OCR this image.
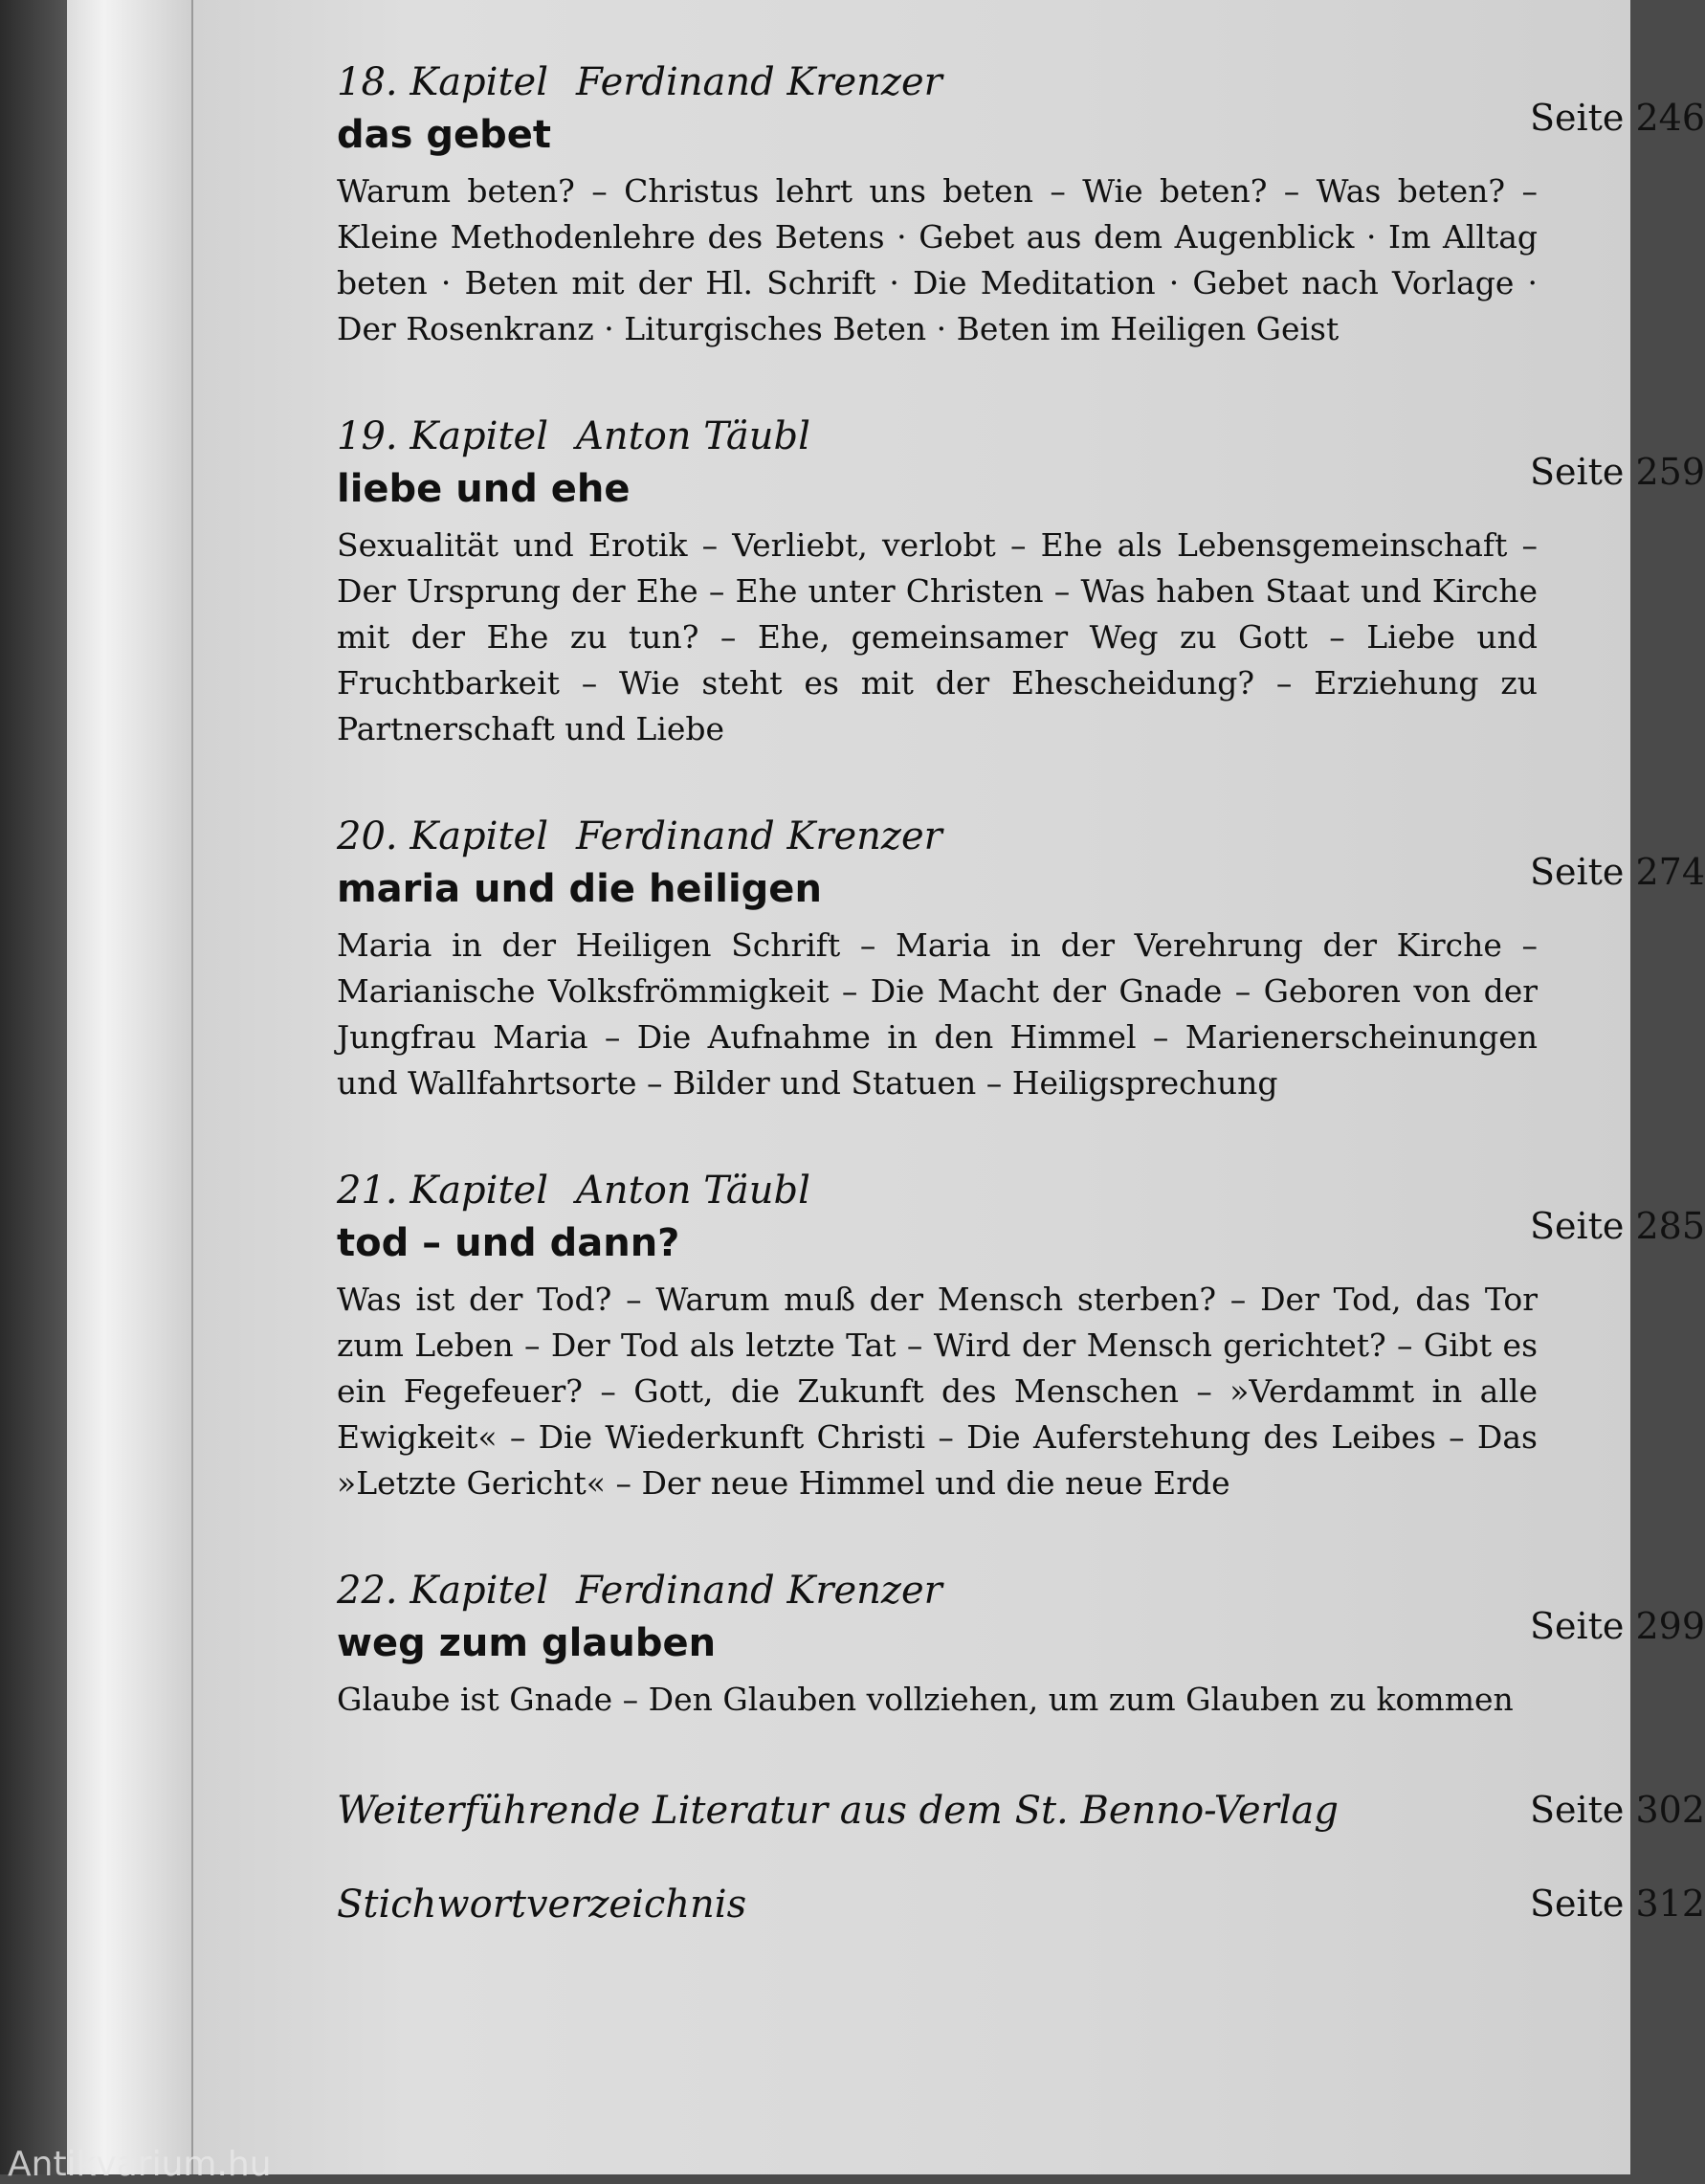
18. Kapitel Ferdinand Krenzer
das gebet	Seite 246
Warum beten? – Christus lehrt uns beten – Wie beten? – Was beten? – Kleine Methodenlehre des Betens · Gebet aus dem Augenblick · Im Alltag beten · Beten mit der Hl. Schrift · Die Meditation · Gebet nach Vorlage · Der Rosenkranz · Liturgisches Beten · Beten im Heiligen Geist
19. Kapitel Anton Täubl
liebe und ehe	Seite 259
Sexualität und Erotik – Verliebt, verlobt – Ehe als Lebensgemeinschaft – Der Ursprung der Ehe – Ehe unter Christen – Was haben Staat und Kirche mit der Ehe zu tun? – Ehe, gemeinsamer Weg zu Gott – Liebe und Fruchtbarkeit – Wie steht es mit der Ehescheidung? – Erziehung zu Partnerschaft und Liebe
20. Kapitel Ferdinand Krenzer
maria und die heiligen	Seite 274
Maria in der Heiligen Schrift – Maria in der Verehrung der Kirche – Marianische Volksfrömmigkeit – Die Macht der Gnade – Geboren von der Jungfrau Maria – Die Aufnahme in den Himmel – Marienerscheinungen und Wallfahrtsorte – Bilder und Statuen – Heiligsprechung
21. Kapitel Anton Täubl
tod – und dann?	Seite 285
Was ist der Tod? – Warum muß der Mensch sterben? – Der Tod, das Tor zum Leben – Der Tod als letzte Tat – Wird der Mensch gerichtet? – Gibt es ein Fegefeuer? – Gott, die Zukunft des Menschen – »Verdammt in alle Ewigkeit« – Die Wiederkunft Christi – Die Auferstehung des Leibes – Das »Letzte Gericht« – Der neue Himmel und die neue Erde
22. Kapitel Ferdinand Krenzer
weg zum glauben	Seite 299
Glaube ist Gnade – Den Glauben vollziehen, um zum Glauben zu kommen
Weiterführende Literatur aus dem St. Benno-Verlag	Seite 302
Stichwortverzeichnis	Seite 312
Antikvarium.hu
